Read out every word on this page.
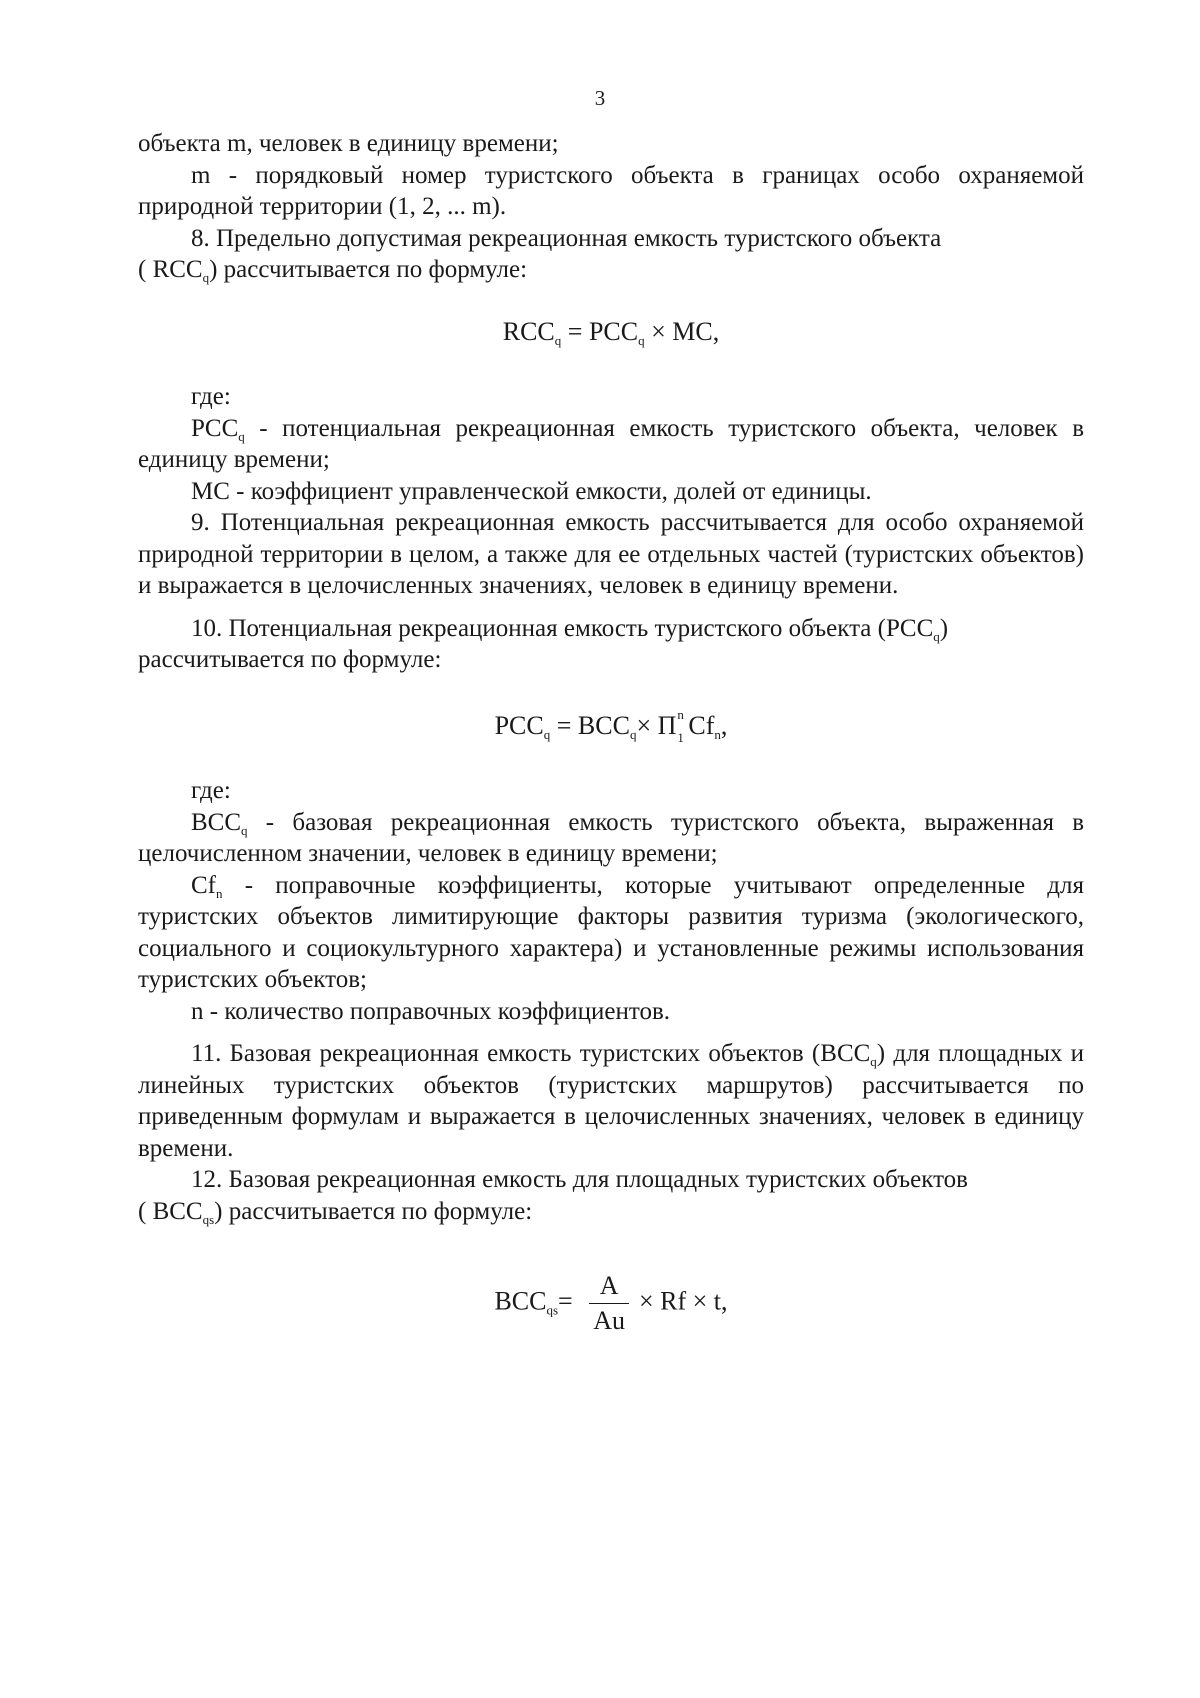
3

объекта m, человек в единицу времени;

m - порядковый номер туристского объекта в границах особо охраняемой природной территории (1, 2, ... m).

8. Предельно допустимая рекреационная емкость туристского объекта

( $RCC_q$) рассчитывается по формуле:

$RCC_q = PCC_q$ × MC,

где:

$PCC_q$ - потенциальная рекреационная емкость туристского объекта, человек в единицу времени;

MC - коэффициент управленческой емкости, долей от единицы.

9. Потенциальная рекреационная емкость рассчитывается для особо охраняемой природной территории в целом, а также для ее отдельных частей (туристских объектов) и выражается в целочисленных значениях, человек в единицу времени.

10. Потенциальная рекреационная емкость туристского объекта $(PCC_q)$

рассчитывается по формуле:

$PCC_q = BCC_q\times П$ n
1 $Cf_n$,

где:

$BCC_q$ - базовая рекреационная емкость туристского объекта, выраженная в целочисленном значении, человек в единицу времени;

$Cf_n$ - поправочные коэффициенты, которые учитывают определенные для туристских объектов лимитирующие факторы развития туризма (экологического, социального и социокультурного характера) и установленные режимы использования туристских объектов;

n - количество поправочных коэффициентов.

11. Базовая рекреационная емкость туристских объектов $(BCC_q)$ для площадных и линейных туристских объектов (туристских маршрутов) рассчитывается по приведенным формулам и выражается в целочисленных значениях, человек в единицу времени.

12. Базовая рекреационная емкость для площадных туристских объектов

( $BCC_{qs}$) рассчитывается по формуле:

$BCC_{qs}= \frac{A}{Au} \times Rf \times t$,
